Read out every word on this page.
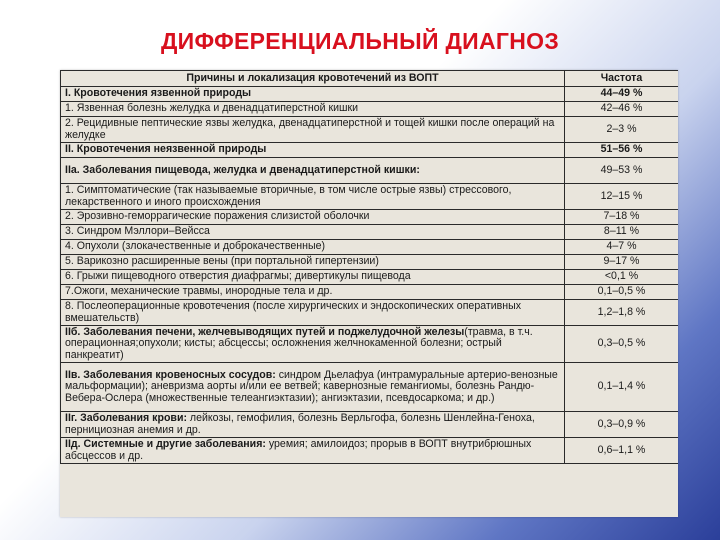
ДИФФЕРЕНЦИАЛЬНЫЙ ДИАГНОЗ
Причины и локализация кровотечений из ВОПТ	Частота
I. Кровотечения язвенной природы	44–49 %
1. Язвенная болезнь желудка и двенадцатиперстной кишки	42–46 %
2. Рецидивные пептические язвы желудка, двенадцатиперстной и тощей кишки после операций на желудке	2–3 %
II. Кровотечения неязвенной природы	51–56 %
IIa. Заболевания пищевода, желудка и двенадцатиперстной кишки:	49–53 %
1. Симптоматические (так называемые вторичные, в том числе острые язвы) стрессового, лекарственного и иного происхождения	12–15 %
2. Эрозивно-геморрагические поражения слизистой оболочки	7–18 %
3. Синдром Мэллори–Вейсса	8–11 %
4. Опухоли (злокачественные и доброкачественные)	4–7 %
5. Варикозно расширенные вены (при портальной гипертензии)	9–17 %
6. Грыжи пищеводного отверстия диафрагмы; дивертикулы пищевода	<0,1 %
7.Ожоги, механические травмы, инородные тела и др.	0,1–0,5 %
8. Послеоперационные кровотечения (после хирургических и эндоскопических оперативных вмешательств)	1,2–1,8 %
IIб. Заболевания печени, желчевыводящих путей и поджелудочной железы(травма, в т.ч. операционная;опухоли; кисты; абсцессы; осложнения желчнокаменной болезни; острый панкреатит)	0,3–0,5 %
IIв. Заболевания кровеносных сосудов: синдром Дьелафуа (интрамуральные артерио-венозные мальформации); аневризма аорты и/или ее ветвей; кавернозные гемангиомы, болезнь Рандю-Вебера-Ослера (множественные телеангиэктазии); ангиэктазии, псевдосаркома; и др.)	0,1–1,4 %
IIг. Заболевания крови: лейкозы, гемофилия, болезнь Верльгофа, болезнь Шенлейна-Геноха, пернициозная анемия и др.	0,3–0,9 %
IIд. Системные и другие заболевания: уремия; амилоидоз; прорыв в ВОПТ внутрибрюшных абсцессов и др.	0,6–1,1 %
